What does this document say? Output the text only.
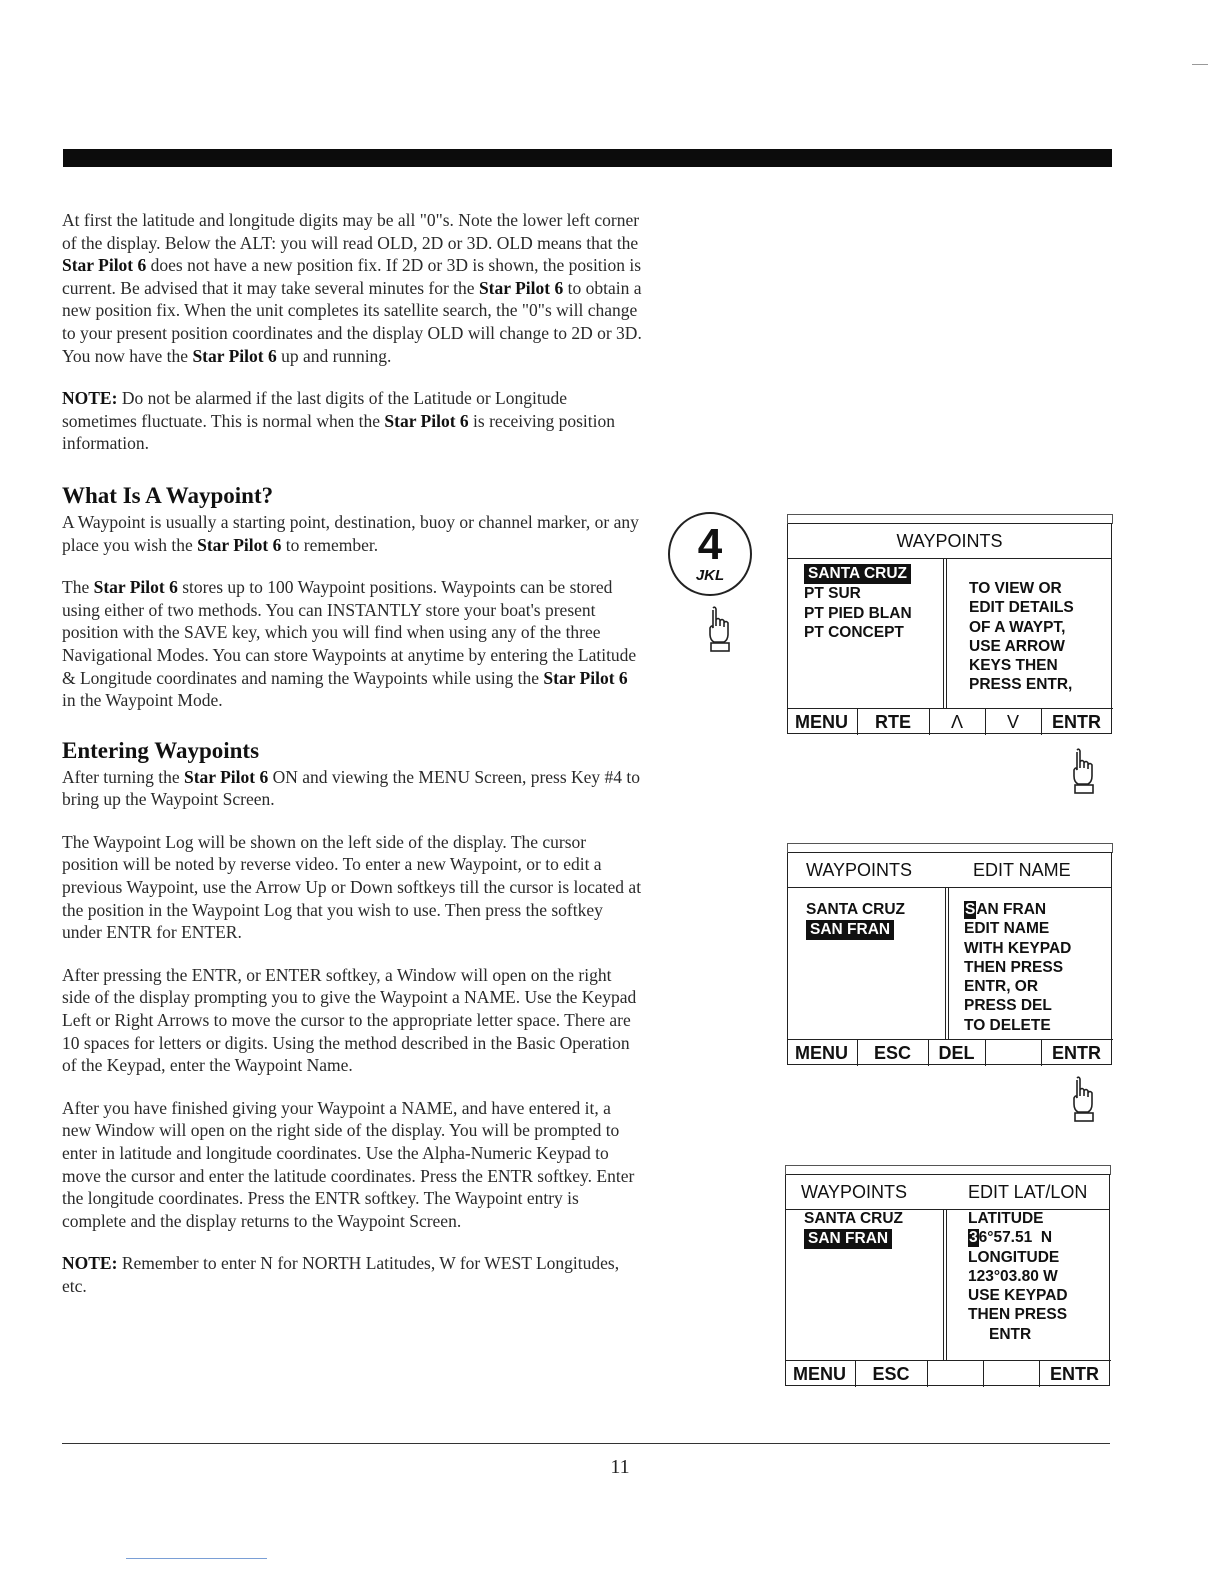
At first the latitude and longitude digits may be all "0"s. Note the lower left corner of the display. Below the ALT: you will read OLD, 2D or 3D. OLD means that the Star Pilot 6 does not have a new position fix. If 2D or 3D is shown, the position is current. Be advised that it may take several minutes for the Star Pilot 6 to obtain a new position fix. When the unit completes its satellite search, the "0"s will change to your present position coordinates and the display OLD will change to 2D or 3D. You now have the Star Pilot 6 up and running.

NOTE: Do not be alarmed if the last digits of the Latitude or Longitude sometimes fluctuate. This is normal when the Star Pilot 6 is receiving position information.

What Is A Waypoint?

A Waypoint is usually a starting point, destination, buoy or channel marker, or any place you wish the Star Pilot 6 to remember.

The Star Pilot 6 stores up to 100 Waypoint positions. Waypoints can be stored using either of two methods. You can INSTANTLY store your boat's present position with the SAVE key, which you will find when using any of the three Navigational Modes. You can store Waypoints at anytime by entering the Latitude & Longitude coordinates and naming the Waypoints while using the Star Pilot 6 in the Waypoint Mode.

Entering Waypoints

After turning the Star Pilot 6 ON and viewing the MENU Screen, press Key #4 to bring up the Waypoint Screen.

The Waypoint Log will be shown on the left side of the display. The cursor position will be noted by reverse video. To enter a new Waypoint, or to edit a previous Waypoint, use the Arrow Up or Down softkeys till the cursor is located at the position in the Waypoint Log that you wish to use. Then press the softkey under ENTR for ENTER.

After pressing the ENTR, or ENTER softkey, a Window will open on the right side of the display prompting you to give the Waypoint a NAME. Use the Keypad Left or Right Arrows to move the cursor to the appropriate letter space. There are 10 spaces for letters or digits. Using the method described in the Basic Operation of the Keypad, enter the Waypoint Name.

After you have finished giving your Waypoint a NAME, and have entered it, a new Window will open on the right side of the display. You will be prompted to enter in latitude and longitude coordinates. Use the Alpha-Numeric Keypad to move the cursor and enter the latitude coordinates. Press the ENTR softkey. Enter the longitude coordinates. Press the ENTR softkey. The Waypoint entry is complete and the display returns to the Waypoint Screen.

NOTE: Remember to enter N for NORTH Latitudes, W for WEST Longitudes, etc.

4
JKL
WAYPOINTS
SANTA CRUZ
PT SUR
PT PIED BLAN
PT CONCEPT
TO VIEW OR
EDIT DETAILS
OF A WAYPT,
USE ARROW
KEYS THEN
PRESS ENTR,
MENU	RTE	Λ	V	ENTR
WAYPOINTS	EDIT NAME
SANTA CRUZ
SAN FRAN
SAN FRAN
EDIT NAME
WITH KEYPAD
THEN PRESS
ENTR, OR
PRESS DEL
TO DELETE
MENU	ESC	DEL	ENTR
WAYPOINTS	EDIT LAT/LON
SANTA CRUZ
SAN FRAN
LATITUDE
36°57.51  N
LONGITUDE
123°03.80 W
USE KEYPAD
THEN PRESS
ENTR
MENU	ESC	ENTR
11
